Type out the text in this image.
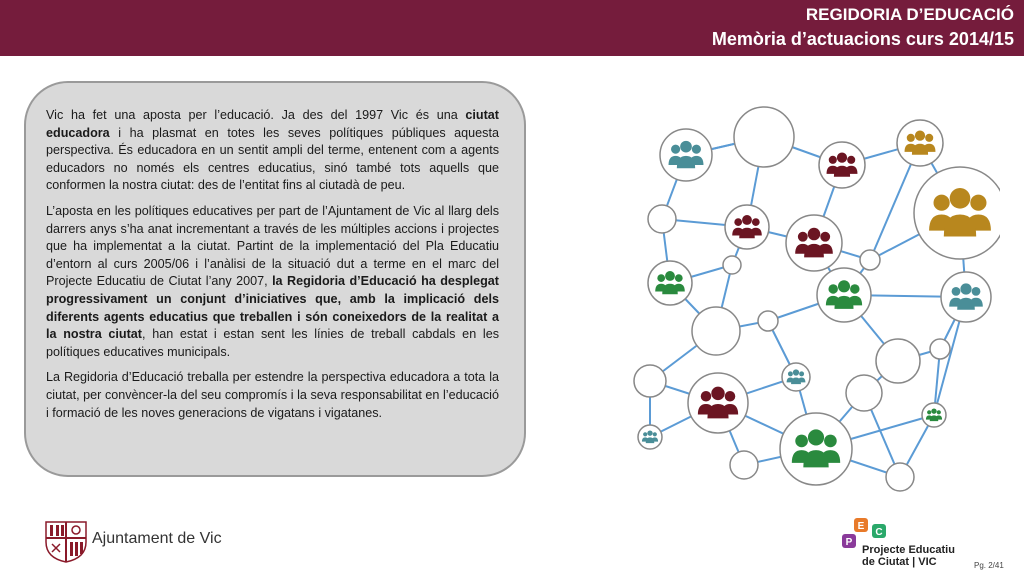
REGIDORIA D’EDUCACIÓ
Memòria d’actuacions curs 2014/15

Vic ha fet una aposta per l’educació. Ja des del 1997 Vic és una ciutat educadora i ha plasmat en totes les seves polítiques públiques aquesta perspectiva. És educadora en un sentit ampli del terme, entenent com a agents educadors no només els centres educatius, sinó també tots aquells que conformen la nostra ciutat: des de l’entitat fins al ciutadà de peu.

L’aposta en les polítiques educatives per part de l’Ajuntament de Vic al llarg dels darrers anys s’ha anat incrementant a través de les múltiples accions i projectes que ha implementat a la ciutat. Partint de la implementació del Pla Educatiu d’entorn al curs 2005/06 i l’anàlisi de la situació dut a terme en el marc del Projecte Educatiu de Ciutat l’any 2007, la Regidoria d’Educació ha desplegat progressivament un conjunt d’iniciatives que, amb la implicació dels diferents agents educatius que treballen i són coneixedors de la realitat a la nostra ciutat, han estat i estan sent les línies de treball cabdals en les polítiques educatives municipals.

La Regidoria d’Educació treballa per estendre la perspectiva educadora a tota la ciutat, per convèncer-la del seu compromís i la seva responsabilitat en l’educació i formació de les noves generacions de vigatans i vigatanes.

Ajuntament de Vic
E
C
P
Projecte Educatiu
de Ciutat | VIC	Pg. 2/41
